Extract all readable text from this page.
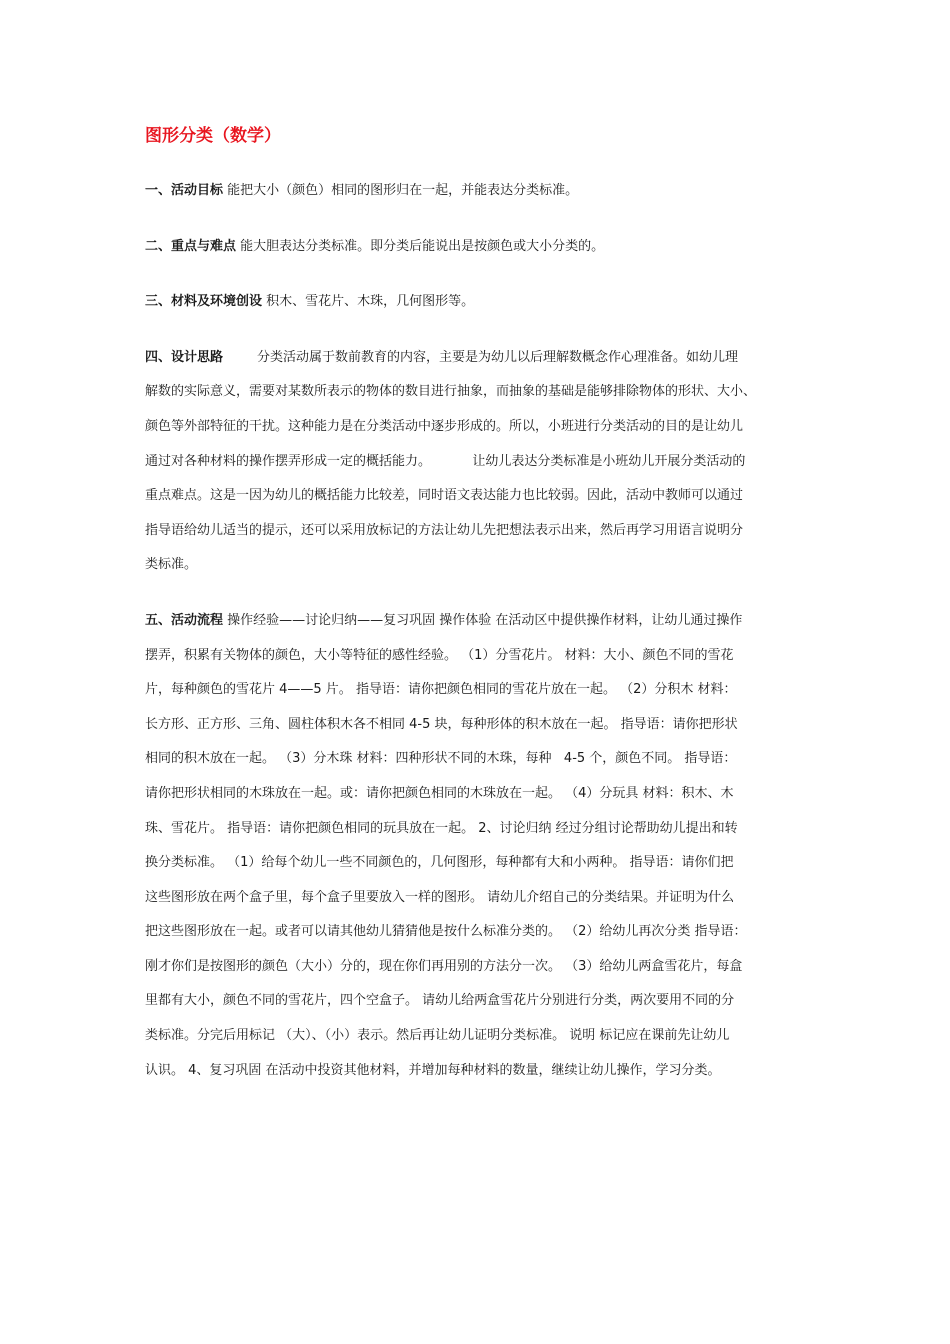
图形分类（数学）
一、活动目标 能把大小（颜色）相同的图形归在一起，并能表达分类标准。
二、重点与难点 能大胆表达分类标准。即分类后能说出是按颜色或大小分类的。
三、材料及环境创设 积木、雪花片、木珠，几何图形等。
四、设计思路	分类活动属于数前教育的内容，主要是为幼儿以后理解数概念作心理准备。如幼儿理
解数的实际意义，需要对某数所表示的物体的数目进行抽象，而抽象的基础是能够排除物体的形状、大小、
颜色等外部特征的干扰。这种能力是在分类活动中逐步形成的。所以，小班进行分类活动的目的是让幼儿
通过对各种材料的操作摆弄形成一定的概括能力。          让幼儿表达分类标准是小班幼儿开展分类活动的
重点难点。这是一因为幼儿的概括能力比较差，同时语文表达能力也比较弱。因此，活动中教师可以通过
指导语给幼儿适当的提示，还可以采用放标记的方法让幼儿先把想法表示出来，然后再学习用语言说明分
类标准。
五、活动流程 操作经验——讨论归纳——复习巩固 操作体验 在活动区中提供操作材料，让幼儿通过操作
摆弄，积累有关物体的颜色，大小等特征的感性经验。 （1）分雪花片。 材料：大小、颜色不同的雪花
片，每种颜色的雪花片 4——5 片。 指导语：请你把颜色相同的雪花片放在一起。 （2）分积木 材料：
长方形、正方形、三角、圆柱体积木各不相同 4-5 块，每种形体的积木放在一起。 指导语：请你把形状
相同的积木放在一起。 （3）分木珠 材料：四种形状不同的木珠，每种   4-5 个，颜色不同。 指导语：
请你把形状相同的木珠放在一起。或：请你把颜色相同的木珠放在一起。 （4）分玩具 材料：积木、木
珠、雪花片。 指导语：请你把颜色相同的玩具放在一起。 2、讨论归纳 经过分组讨论帮助幼儿提出和转
换分类标准。 （1）给每个幼儿一些不同颜色的，几何图形，每种都有大和小两种。 指导语：请你们把
这些图形放在两个盒子里，每个盒子里要放入一样的图形。 请幼儿介绍自己的分类结果。并证明为什么
把这些图形放在一起。或者可以请其他幼儿猜猜他是按什么标准分类的。 （2）给幼儿再次分类 指导语：
刚才你们是按图形的颜色（大小）分的，现在你们再用别的方法分一次。 （3）给幼儿两盒雪花片，每盒
里都有大小，颜色不同的雪花片，四个空盒子。 请幼儿给两盒雪花片分别进行分类，两次要用不同的分
类标准。分完后用标记 （大）、（小）表示。然后再让幼儿证明分类标准。 说明 标记应在课前先让幼儿
认识。 4、复习巩固 在活动中投资其他材料，并增加每种材料的数量，继续让幼儿操作，学习分类。
